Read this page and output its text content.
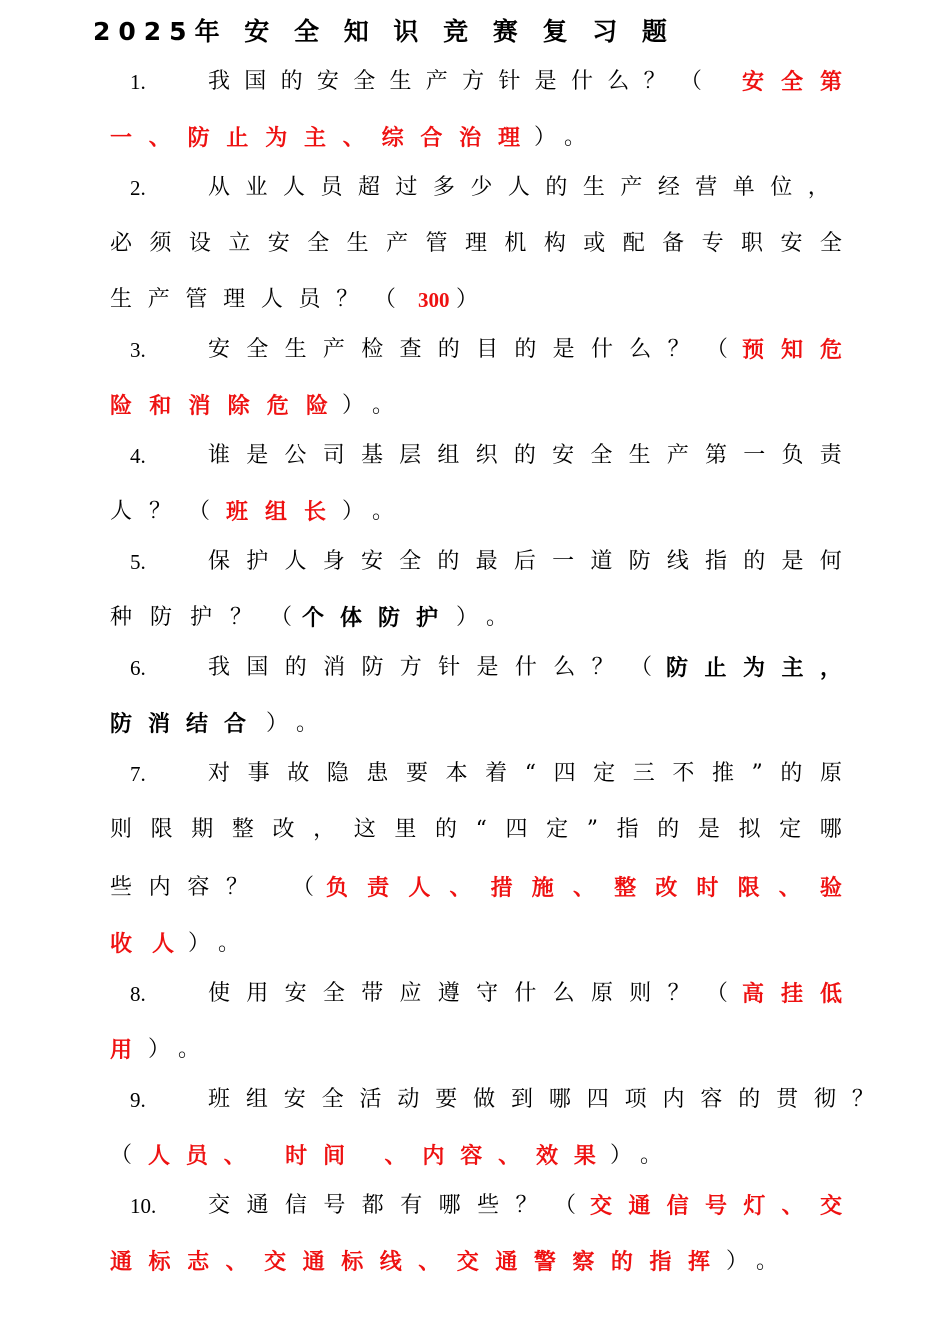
2025年 安 全 知 识 竞 赛 复 习 题
1.	我 国 的 安 全 生 产 方 针 是 什 么 ？ （ 安 全 第
一 、 防 止 为 主 、 综 合 治 理 ） 。
2.	从 业 人 员 超 过 多 少 人 的 生 产 经 营 单 位 ，
必 须 设 立 安 全 生 产 管 理 机 构 或 配 备 专 职 安 全
生 产 管 理 人 员 ？ （ 300 ）
3.	安 全 生 产 检 查 的 目 的 是 什 么 ？ （ 预 知 危
险 和 消 除 危 险 ） 。
4.	谁 是 公 司 基 层 组 织 的 安 全 生 产 第 一 负 责
人 ？ （ 班 组 长 ） 。
5.	保 护 人 身 安 全 的 最 后 一 道 防 线 指 的 是 何
种 防 护 ？ （ 个 体 防 护 ） 。
6.	我 国 的 消 防 方 针 是 什 么 ？ （ 防 止 为 主 ，
防 消 结 合 ） 。
7.	对 事 故 隐 患 要 本 着 “ 四 定 三 不 推 ” 的 原
则 限 期 整 改 ， 这 里 的 “ 四 定 ” 指 的 是 拟 定 哪
些 内 容 ？ （ 负 责 人 、 措 施 、 整 改 时 限 、 验
收 人 ） 。
8.	使 用 安 全 带 应 遵 守 什 么 原 则 ？ （ 高 挂 低
用 ） 。
9.	班 组 安 全 活 动 要 做 到 哪 四 项 内 容 的 贯 彻 ？
（ 人 员 、
时 间
、 内 容 、 效 果 ） 。
10. 交 通 信 号 都 有 哪 些 ？ （ 交 通 信 号 灯 、 交
通 标 志 、 交 通 标 线 、 交 通 警 察 的 指 挥 ） 。
